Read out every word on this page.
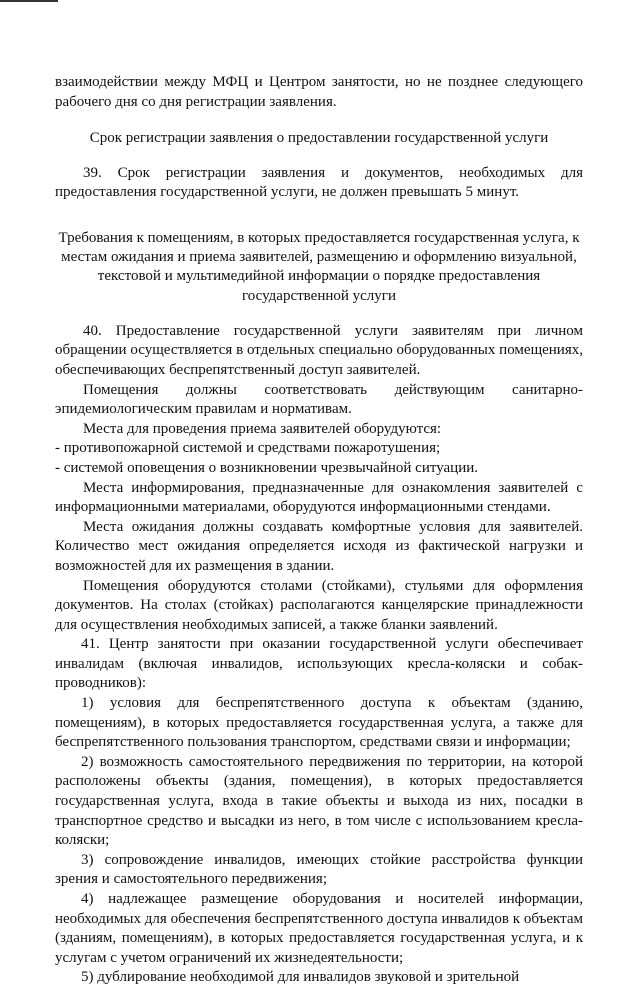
взаимодействии между МФЦ и Центром занятости, но не позднее следующего рабочего дня со дня регистрации заявления.

Срок регистрации заявления о предоставлении государственной услуги

39. Срок регистрации заявления и документов, необходимых для предоставления государственной услуги, не должен превышать 5 минут.

Требования к помещениям, в которых предоставляется государственная услуга, к местам ожидания и приема заявителей, размещению и оформлению визуальной, текстовой и мультимедийной информации о порядке предоставления государственной услуги

40. Предоставление государственной услуги заявителям при личном обращении осуществляется в отдельных специально оборудованных помещениях, обеспечивающих беспрепятственный доступ заявителей.

Помещения должны соответствовать действующим санитарно-эпидемиологическим правилам и нормативам.

Места для проведения приема заявителей оборудуются:

- противопожарной системой и средствами пожаротушения;

- системой оповещения о возникновении чрезвычайной ситуации.

Места информирования, предназначенные для ознакомления заявителей с информационными материалами, оборудуются информационными стендами.

Места ожидания должны создавать комфортные условия для заявителей. Количество мест ожидания определяется исходя из фактической нагрузки и возможностей для их размещения в здании.

Помещения оборудуются столами (стойками), стульями для оформления документов. На столах (стойках) располагаются канцелярские принадлежности для осуществления необходимых записей, а также бланки заявлений.

41. Центр занятости при оказании государственной услуги обеспечивает инвалидам (включая инвалидов, использующих кресла-коляски и собак-проводников):

1) условия для беспрепятственного доступа к объектам (зданию, помещениям), в которых предоставляется государственная услуга, а также для беспрепятственного пользования транспортом, средствами связи и информации;

2) возможность самостоятельного передвижения по территории, на которой расположены объекты (здания, помещения), в которых предоставляется государственная услуга, входа в такие объекты и выхода из них, посадки в транспортное средство и высадки из него, в том числе с использованием кресла-коляски;

3) сопровождение инвалидов, имеющих стойкие расстройства функции зрения и самостоятельного передвижения;

4) надлежащее размещение оборудования и носителей информации, необходимых для обеспечения беспрепятственного доступа инвалидов к объектам (зданиям, помещениям), в которых предоставляется государственная услуга, и к услугам с учетом ограничений их жизнедеятельности;

5) дублирование необходимой для инвалидов звуковой и зрительной
